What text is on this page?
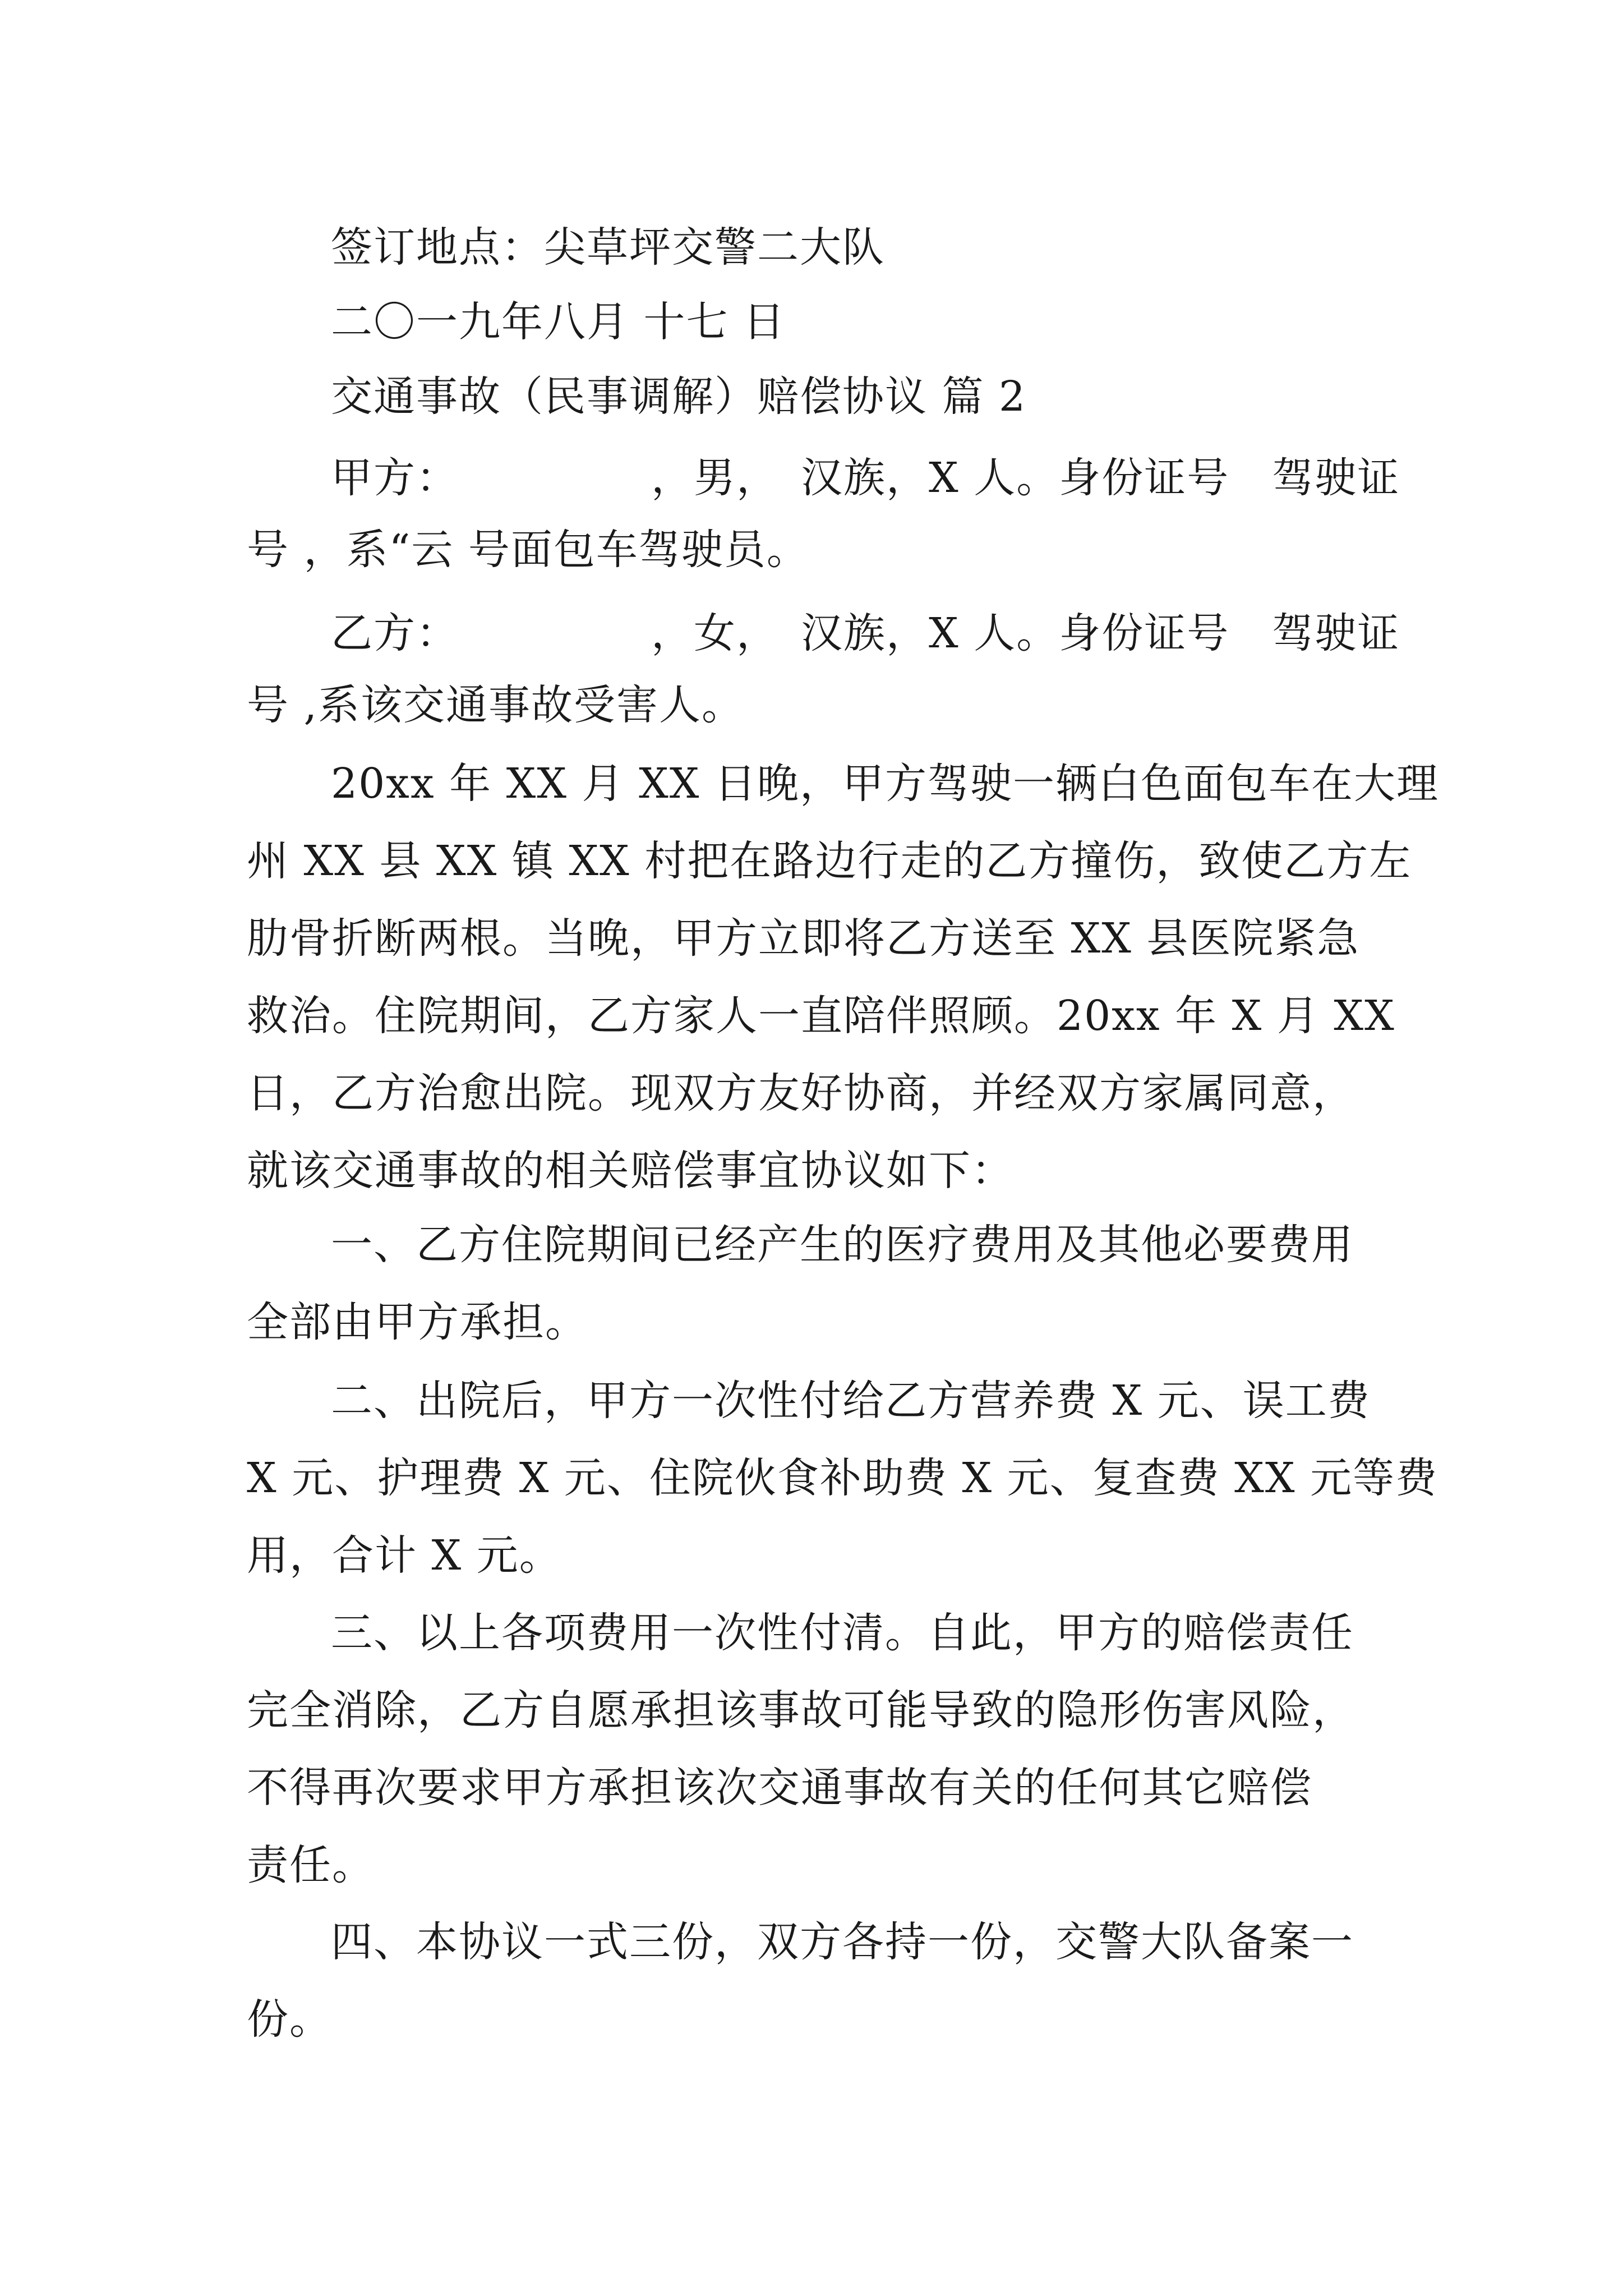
签订地点：尖草坪交警二大队

二〇一九年八月 十七 日

交通事故（民事调解）赔偿协议 篇 2

甲方：　　　　　，男，　汉族，X 人。身份证号　驾驶证

号 ，系“云 号面包车驾驶员。

乙方：　　　　　，女，　汉族，X 人。身份证号　驾驶证

号 ,系该交通事故受害人。

20xx 年 XX 月 XX 日晚，甲方驾驶一辆白色面包车在大理

州 XX 县 XX 镇 XX 村把在路边行走的乙方撞伤，致使乙方左

肋骨折断两根。当晚，甲方立即将乙方送至 XX 县医院紧急

救治。住院期间，乙方家人一直陪伴照顾。20xx 年 X 月 XX

日，乙方治愈出院。现双方友好协商，并经双方家属同意，

就该交通事故的相关赔偿事宜协议如下：

一、乙方住院期间已经产生的医疗费用及其他必要费用

全部由甲方承担。

二、出院后，甲方一次性付给乙方营养费 X 元、误工费

X 元、护理费 X 元、住院伙食补助费 X 元、复查费 XX 元等费

用，合计 X 元。

三、以上各项费用一次性付清。自此，甲方的赔偿责任

完全消除，乙方自愿承担该事故可能导致的隐形伤害风险，

不得再次要求甲方承担该次交通事故有关的任何其它赔偿

责任。

四、本协议一式三份，双方各持一份，交警大队备案一

份。
